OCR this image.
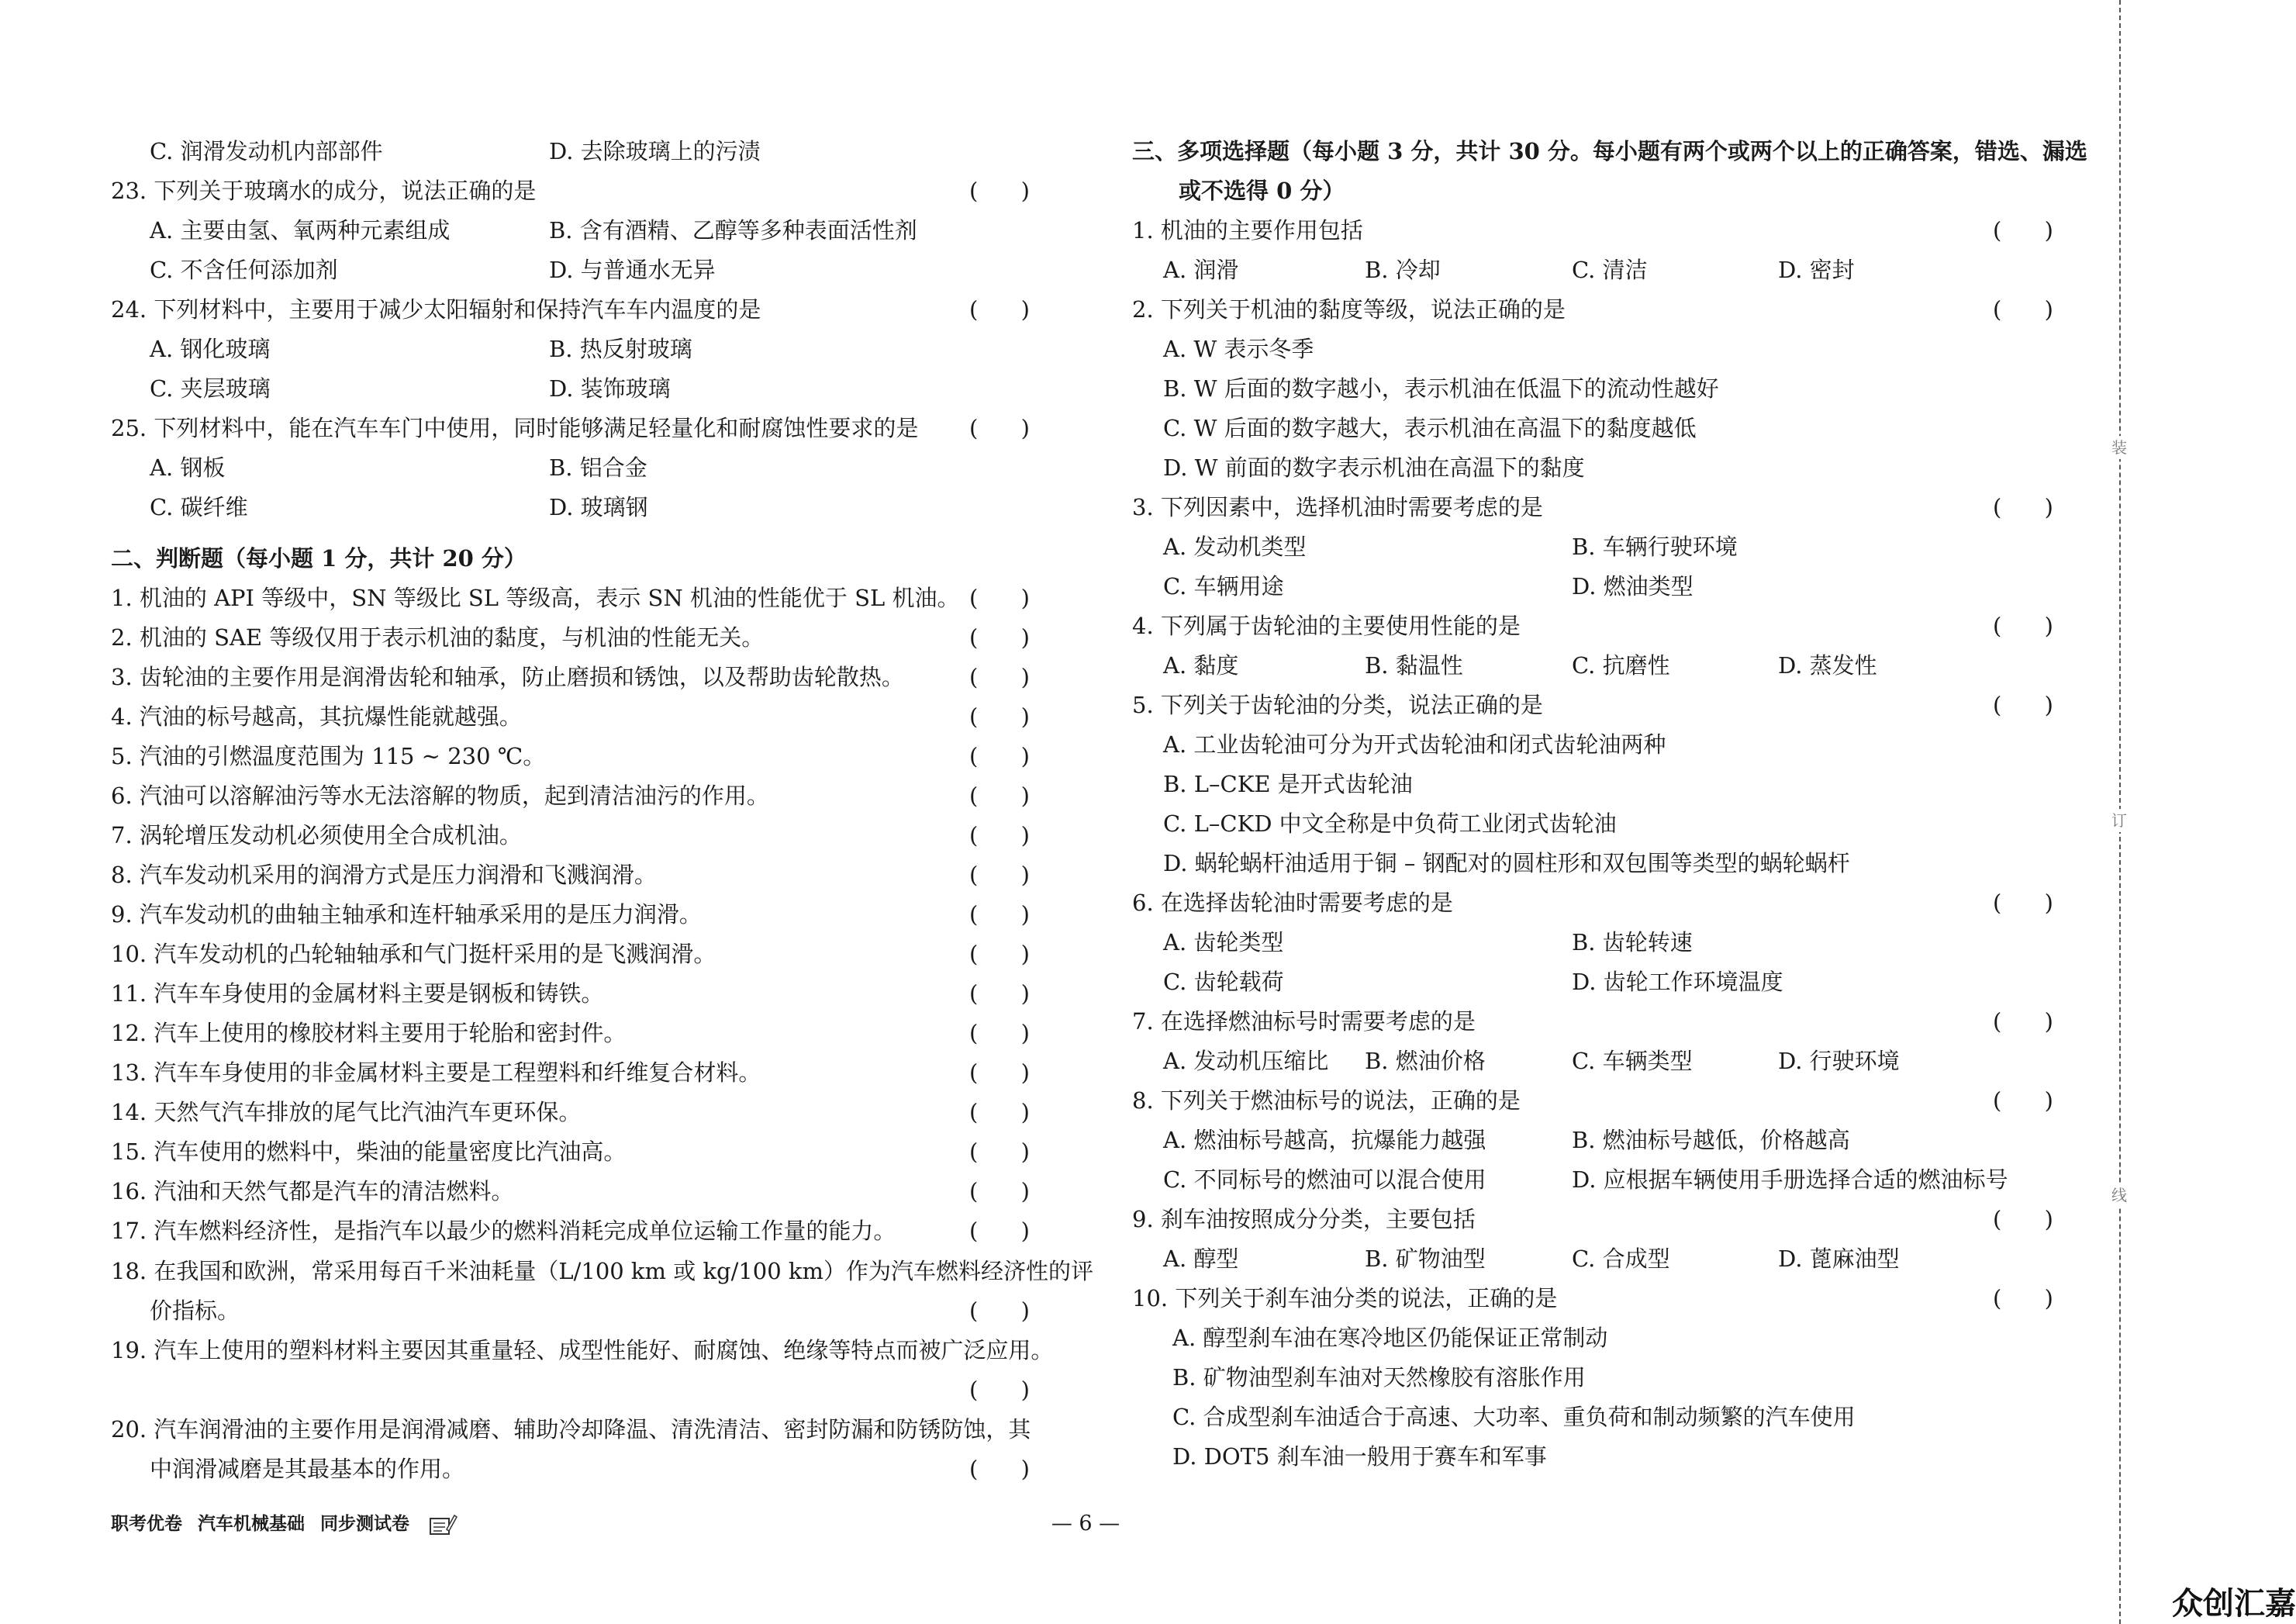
C. 润滑发动机内部部件	D. 去除玻璃上的污渍
23. 下列关于玻璃水的成分，说法正确的是	(      )
A. 主要由氢、氧两种元素组成	B. 含有酒精、乙醇等多种表面活性剂
C. 不含任何添加剂	D. 与普通水无异
24. 下列材料中，主要用于减少太阳辐射和保持汽车车内温度的是	(      )
A. 钢化玻璃	B. 热反射玻璃
C. 夹层玻璃	D. 装饰玻璃
25. 下列材料中，能在汽车车门中使用，同时能够满足轻量化和耐腐蚀性要求的是 (      )
A. 钢板	B. 铝合金
C. 碳纤维	D. 玻璃钢
二、判断题（每小题 1 分，共计 20 分）
1. 机油的 API 等级中，SN 等级比 SL 等级高，表示 SN 机油的性能优于 SL 机油。 (      )
2. 机油的 SAE 等级仅用于表示机油的黏度，与机油的性能无关。	(      )
3. 齿轮油的主要作用是润滑齿轮和轴承，防止磨损和锈蚀，以及帮助齿轮散热。	(      )
4. 汽油的标号越高，其抗爆性能就越强。	(      )
5. 汽油的引燃温度范围为 115 ~ 230 ℃。	(      )
6. 汽油可以溶解油污等水无法溶解的物质，起到清洁油污的作用。	(      )
7. 涡轮增压发动机必须使用全合成机油。	(      )
8. 汽车发动机采用的润滑方式是压力润滑和飞溅润滑。	(      )
9. 汽车发动机的曲轴主轴承和连杆轴承采用的是压力润滑。	(      )
10. 汽车发动机的凸轮轴轴承和气门挺杆采用的是飞溅润滑。	(      )
11. 汽车车身使用的金属材料主要是钢板和铸铁。	(      )
12. 汽车上使用的橡胶材料主要用于轮胎和密封件。	(      )
13. 汽车车身使用的非金属材料主要是工程塑料和纤维复合材料。	(      )
14. 天然气汽车排放的尾气比汽油汽车更环保。	(      )
15. 汽车使用的燃料中，柴油的能量密度比汽油高。	(      )
16. 汽油和天然气都是汽车的清洁燃料。	(      )
17. 汽车燃料经济性，是指汽车以最少的燃料消耗完成单位运输工作量的能力。	(      )
18. 在我国和欧洲，常采用每百千米油耗量（L/100 km 或 kg/100 km）作为汽车燃料经济性的评
价指标。	(      )
19. 汽车上使用的塑料材料主要因其重量轻、成型性能好、耐腐蚀、绝缘等特点而被广泛应用。
(      )
20. 汽车润滑油的主要作用是润滑减磨、辅助冷却降温、清洗清洁、密封防漏和防锈防蚀，其
中润滑减磨是其最基本的作用。	(      )
三、多项选择题（每小题 3 分，共计 30 分。每小题有两个或两个以上的正确答案，错选、漏选
或不选得 0 分）
1. 机油的主要作用包括	(      )
A. 润滑	B. 冷却	C. 清洁	D. 密封
2. 下列关于机油的黏度等级，说法正确的是	(      )
A. W 表示冬季
B. W 后面的数字越小，表示机油在低温下的流动性越好
C. W 后面的数字越大，表示机油在高温下的黏度越低
D. W 前面的数字表示机油在高温下的黏度
3. 下列因素中，选择机油时需要考虑的是	(      )
A. 发动机类型	B. 车辆行驶环境
C. 车辆用途	D. 燃油类型
4. 下列属于齿轮油的主要使用性能的是	(      )
A. 黏度	B. 黏温性	C. 抗磨性	D. 蒸发性
5. 下列关于齿轮油的分类，说法正确的是	(      )
A. 工业齿轮油可分为开式齿轮油和闭式齿轮油两种
B. L–CKE 是开式齿轮油
C. L–CKD 中文全称是中负荷工业闭式齿轮油
D. 蜗轮蜗杆油适用于铜 – 钢配对的圆柱形和双包围等类型的蜗轮蜗杆
6. 在选择齿轮油时需要考虑的是	(      )
A. 齿轮类型	B. 齿轮转速
C. 齿轮载荷	D. 齿轮工作环境温度
7. 在选择燃油标号时需要考虑的是	(      )
A. 发动机压缩比 B. 燃油价格	C. 车辆类型	D. 行驶环境
8. 下列关于燃油标号的说法，正确的是	(      )
A. 燃油标号越高，抗爆能力越强	B. 燃油标号越低，价格越高
C. 不同标号的燃油可以混合使用	D. 应根据车辆使用手册选择合适的燃油标号
9. 刹车油按照成分分类，主要包括	(      )
A. 醇型	B. 矿物油型	C. 合成型	D. 蓖麻油型
10. 下列关于刹车油分类的说法，正确的是	(      )
A. 醇型刹车油在寒冷地区仍能保证正常制动
B. 矿物油型刹车油对天然橡胶有溶胀作用
C. 合成型刹车油适合于高速、大功率、重负荷和制动频繁的汽车使用
D. DOT5 刹车油一般用于赛车和军事
职考优卷 汽车机械基础 同步测试卷	— 6 —
装
订
线
众创汇嘉
